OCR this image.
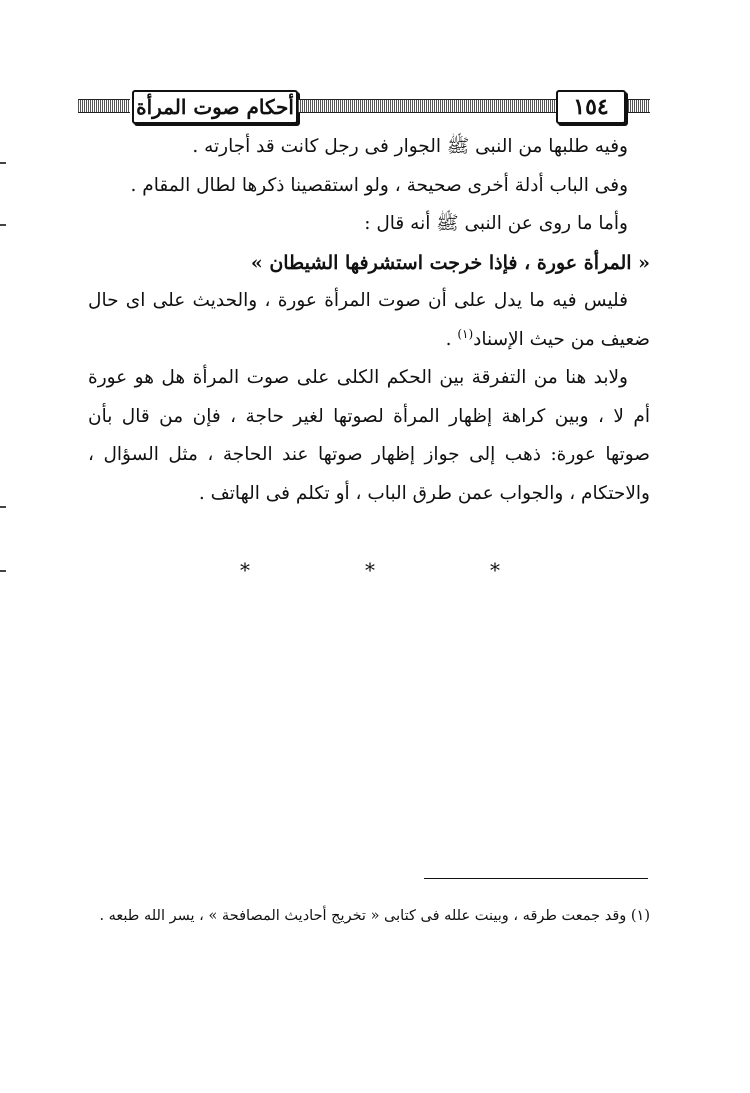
أحكام صوت المرأة	١٥٤

وفيه طلبها من النبى ﷺ الجوار فى رجل كانت قد أجارته .

وفى الباب أدلة أخرى صحيحة ، ولو استقصينا ذكرها لطال المقام .

وأما ما روى عن النبى ﷺ أنه قال :

« المرأة عورة ، فإذا خرجت استشرفها الشيطان »

فليس فيه ما يدل على أن صوت المرأة عورة ، والحديث على اى حال ضعيف من حيث الإسناد$^{(١)}$ .

ولابد هنا من التفرقة بين الحكم الكلى على صوت المرأة هل هو عورة أم لا ، وبين كراهة إظهار المرأة لصوتها لغير حاجة ، فإن من قال بأن صوتها عورة: ذهب إلى جواز إظهار صوتها عند الحاجة ، مثل السؤال ، والاحتكام ، والجواب عمن طرق الباب ، أو تكلم فى الهاتف .

*	*	*
(١) وقد جمعت طرقه ، وبينت علله فى كتابى « تخريج أحاديث المصافحة » ، يسر الله طبعه .
